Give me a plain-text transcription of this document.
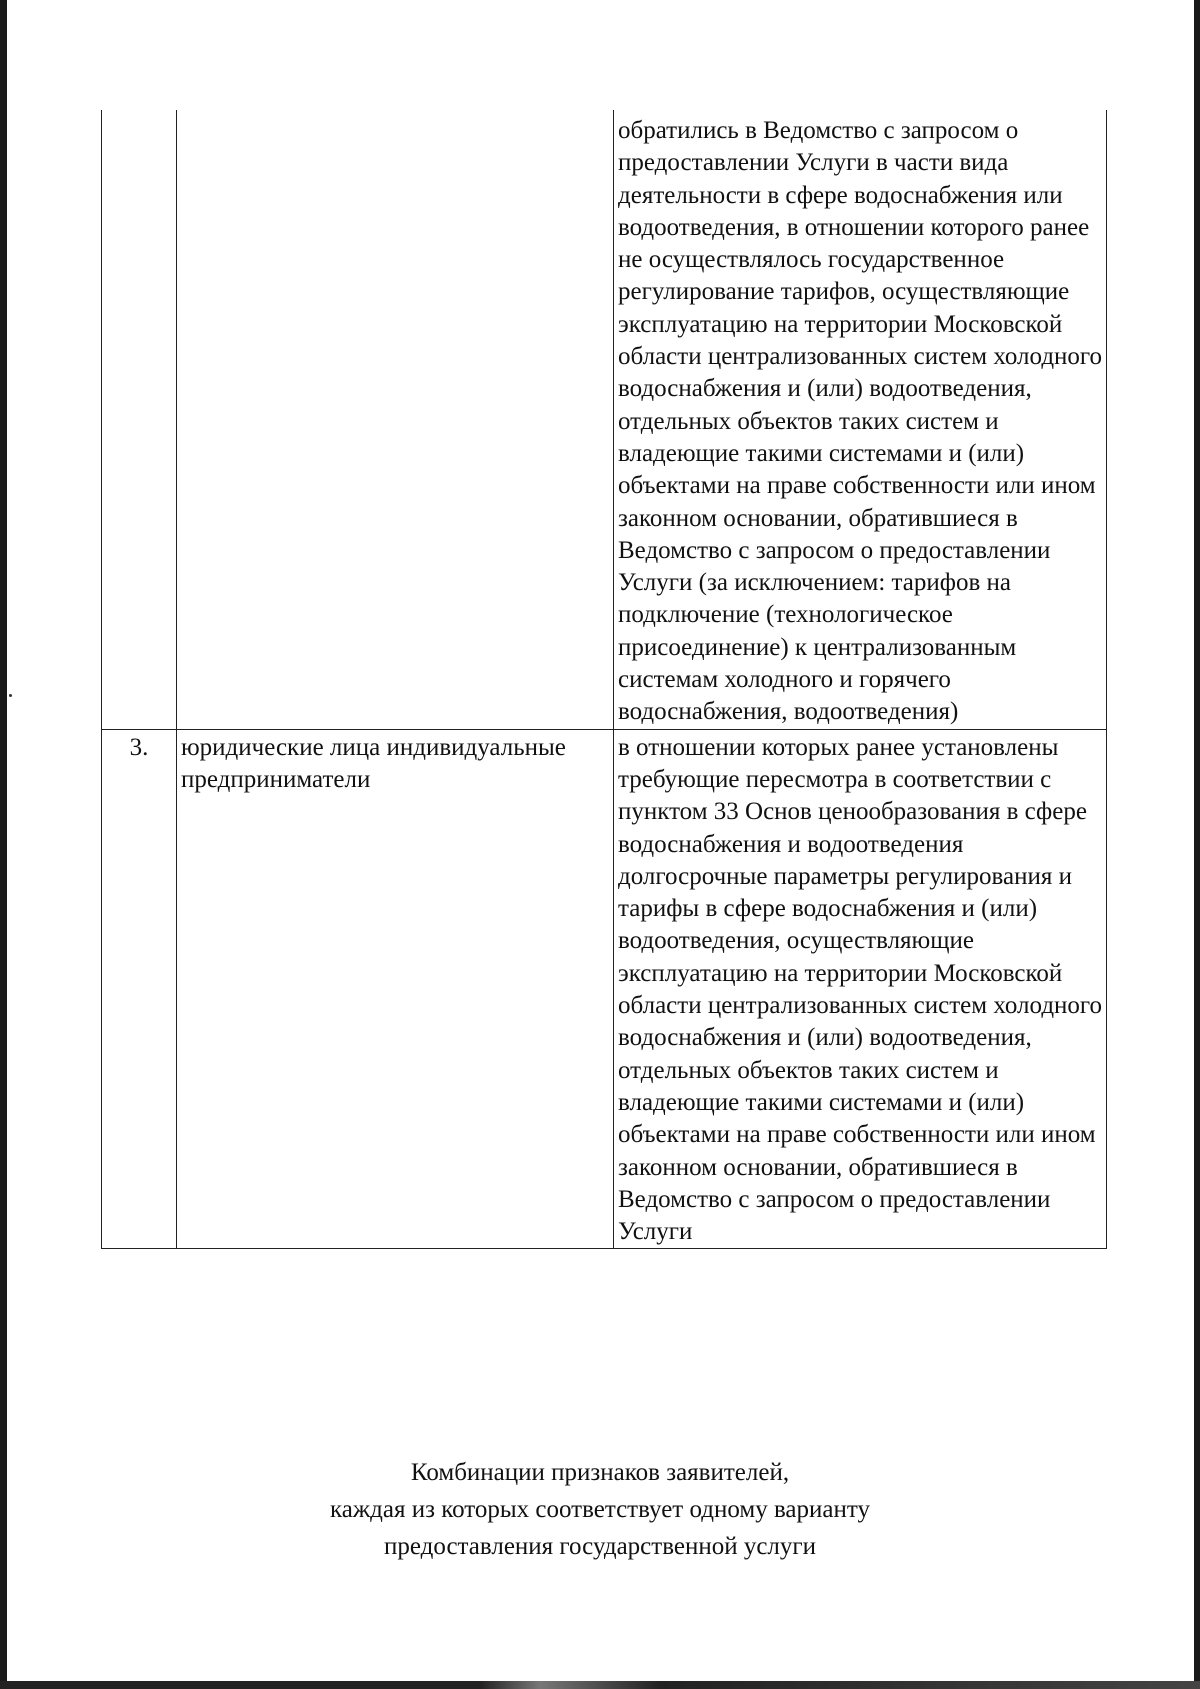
		обратились в Ведомство с запросом о предоставлении Услуги в части вида деятельности в сфере водоснабжения или водоотведения, в отношении которого ранее не осуществлялось государственное регулирование тарифов, осуществляющие эксплуатацию на территории Московской области централизованных систем холодного водоснабжения и (или) водоотведения, отдельных объектов таких систем и владеющие такими системами и (или) объектами на праве собственности или ином законном основании, обратившиеся в Ведомство с запросом о предоставлении Услуги (за исключением: тарифов на подключение (технологическое присоединение) к централизованным системам холодного и горячего водоснабжения, водоотведения)
3.	юридические лица индивидуальные предприниматели	в отношении которых ранее установлены требующие пересмотра в соответствии с пунктом 33 Основ ценообразования в сфере водоснабжения и водоотведения долгосрочные параметры регулирования и тарифы в сфере водоснабжения и (или) водоотведения, осуществляющие эксплуатацию на территории Московской области централизованных систем холодного водоснабжения и (или) водоотведения, отдельных объектов таких систем и владеющие такими системами и (или) объектами на праве собственности или ином законном основании, обратившиеся в Ведомство с запросом о предоставлении Услуги
Комбинации признаков заявителей,
каждая из которых соответствует одному варианту
предоставления государственной услуги
